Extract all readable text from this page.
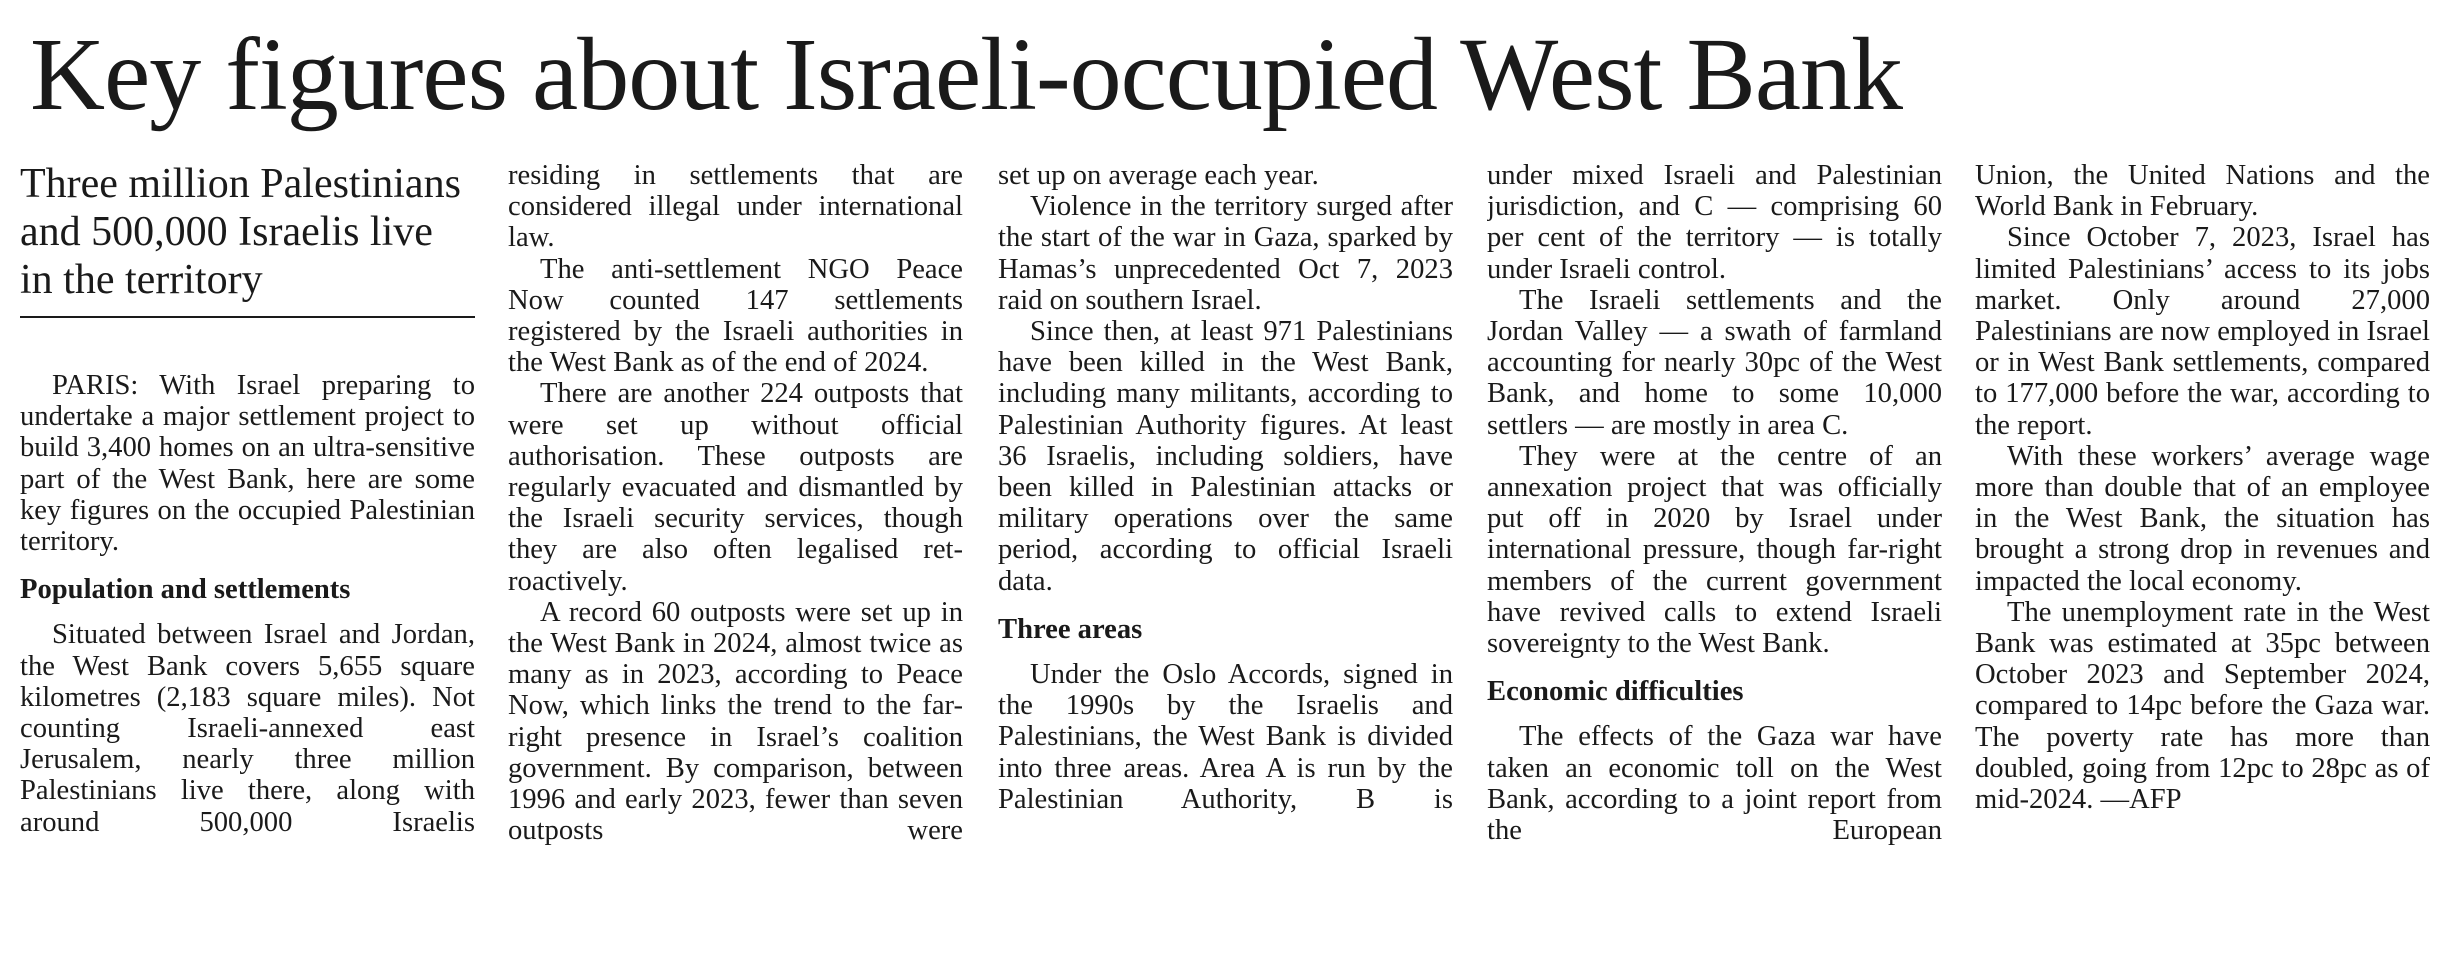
Key figures about Israeli-occupied West Bank
Three million Palestinians and 500,000 Israelis live in the territory

PARIS: With Israel preparing to undertake a major settlement project to build 3,400 homes on an ultra-sensitive part of the West Bank, here are some key figures on the occupied Palestinian territory.

Population and settlements

Situated between Israel and Jordan, the West Bank covers 5,655 square kilometres (2,183 square miles). Not counting Israeli-annexed east Jerusalem, nearly three million Palestinians live there, along with around 500,000 Israelis

residing in settlements that are considered illegal under international law.

The anti-settlement NGO Peace Now counted 147 settlements registered by the Israeli authorities in the West Bank as of the end of 2024.

There are another 224 outposts that were set up without official authorisation. These outposts are regularly evacuated and dismantled by the Israeli security services, though they are also often legalised retroactively.

A record 60 outposts were set up in the West Bank in 2024, almost twice as many as in 2023, according to Peace Now, which links the trend to the far-right presence in Israel’s coalition government. By comparison, between 1996 and early 2023, fewer than seven outposts were

set up on average each year.

Violence in the territory surged after the start of the war in Gaza, sparked by Hamas’s unprecedented Oct 7, 2023 raid on southern Israel.

Since then, at least 971 Palestinians have been killed in the West Bank, including many militants, according to Palestinian Authority figures. At least 36 Israelis, including soldiers, have been killed in Palestinian attacks or military operations over the same period, according to official Israeli data.

Three areas

Under the Oslo Accords, signed in the 1990s by the Israelis and Palestinians, the West Bank is divided into three areas. Area A is run by the Palestinian Authority, B is

under mixed Israeli and Palestinian jurisdiction, and C — comprising 60 per cent of the territory — is totally under Israeli control.

The Israeli settlements and the Jordan Valley — a swath of farmland accounting for nearly 30pc of the West Bank, and home to some 10,000 settlers — are mostly in area C.

They were at the centre of an annexation project that was officially put off in 2020 by Israel under international pressure, though far-right members of the current government have revived calls to extend Israeli sovereignty to the West Bank.

Economic difficulties

The effects of the Gaza war have taken an economic toll on the West Bank, according to a joint report from the European

Union, the United Nations and the World Bank in February.

Since October 7, 2023, Israel has limited Palestinians’ access to its jobs market. Only around 27,000 Palestinians are now employed in Israel or in West Bank settlements, compared to 177,000 before the war, according to the report.

With these workers’ average wage more than double that of an employee in the West Bank, the situation has brought a strong drop in revenues and impacted the local economy.

The unemployment rate in the West Bank was estimated at 35pc between October 2023 and September 2024, compared to 14pc before the Gaza war. The poverty rate has more than doubled, going from 12pc to 28pc as of mid-2024. —AFP
